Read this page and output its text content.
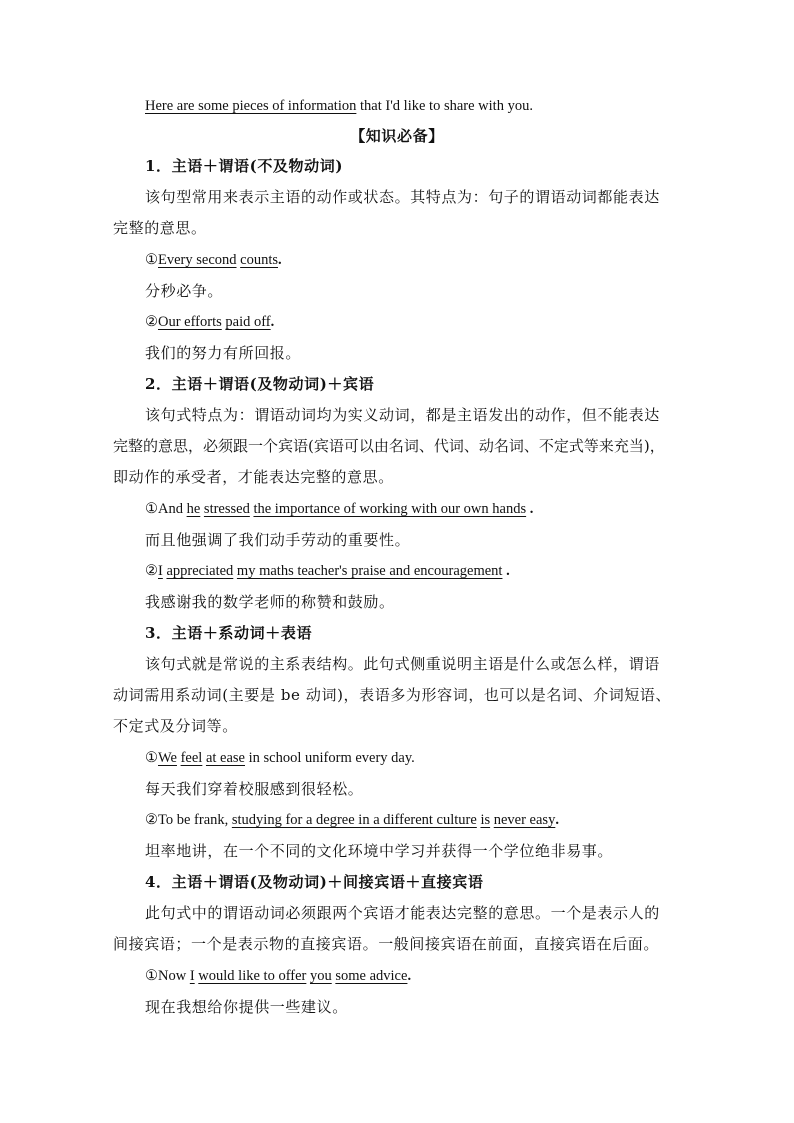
Here are some pieces of information that I'd like to share with you.
【知识必备】
1．主语＋谓语(不及物动词)
该句型常用来表示主语的动作或状态。其特点为：句子的谓语动词都能表达
完整的意思。
①Every second counts.
分秒必争。
②Our efforts paid off.
我们的努力有所回报。
2．主语＋谓语(及物动词)＋宾语
该句式特点为：谓语动词均为实义动词，都是主语发出的动作，但不能表达
完整的意思，必须跟一个宾语(宾语可以由名词、代词、动名词、不定式等来充当)，
即动作的承受者，才能表达完整的意思。
①And he stressed the importance of working with our own hands .
而且他强调了我们动手劳动的重要性。
②I appreciated my maths teacher's praise and encouragement .
我感谢我的数学老师的称赞和鼓励。
3．主语＋系动词＋表语
该句式就是常说的主系表结构。此句式侧重说明主语是什么或怎么样，谓语
动词需用系动词(主要是 be 动词)，表语多为形容词，也可以是名词、介词短语、
不定式及分词等。
①We feel at ease in school uniform every day.
每天我们穿着校服感到很轻松。
②To be frank, studying for a degree in a different culture is never easy.
坦率地讲，在一个不同的文化环境中学习并获得一个学位绝非易事。
4．主语＋谓语(及物动词)＋间接宾语＋直接宾语
此句式中的谓语动词必须跟两个宾语才能表达完整的意思。一个是表示人的
间接宾语；一个是表示物的直接宾语。一般间接宾语在前面，直接宾语在后面。
①Now I would like to offer you some advice.
现在我想给你提供一些建议。
